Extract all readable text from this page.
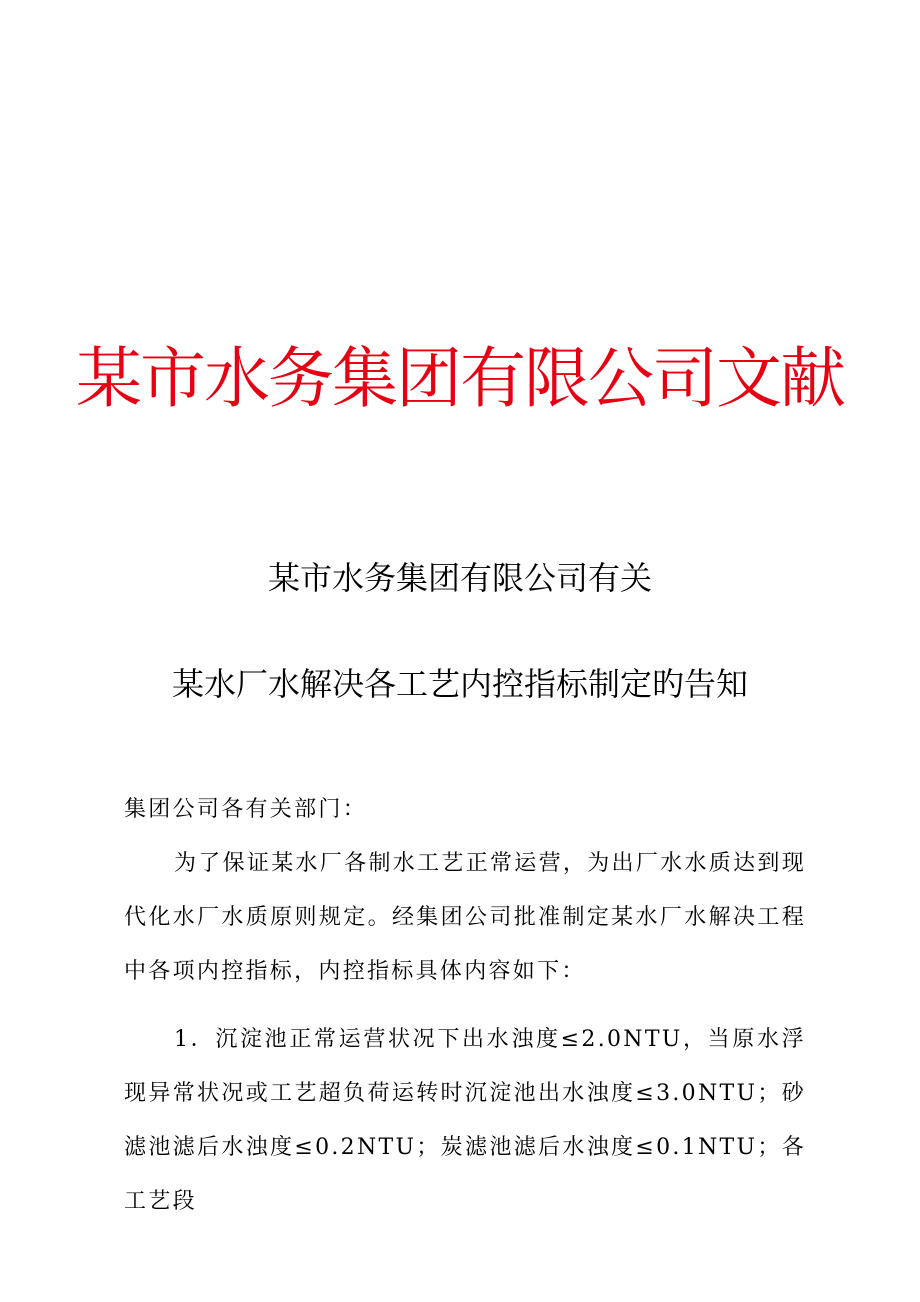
某市水务集团有限公司文献
某市水务集团有限公司有关
某水厂水解决各工艺内控指标制定旳告知
集团公司各有关部门：
为了保证某水厂各制水工艺正常运营，为出厂水水质达到现代化水厂水质原则规定。经集团公司批准制定某水厂水解决工程中各项内控指标，内控指标具体内容如下：
1．沉淀池正常运营状况下出水浊度≤2.0NTU，当原水浮现异常状况或工艺超负荷运转时沉淀池出水浊度≤3.0NTU；砂滤池滤后水浊度≤0.2NTU；炭滤池滤后水浊度≤0.1NTU；各工艺段
